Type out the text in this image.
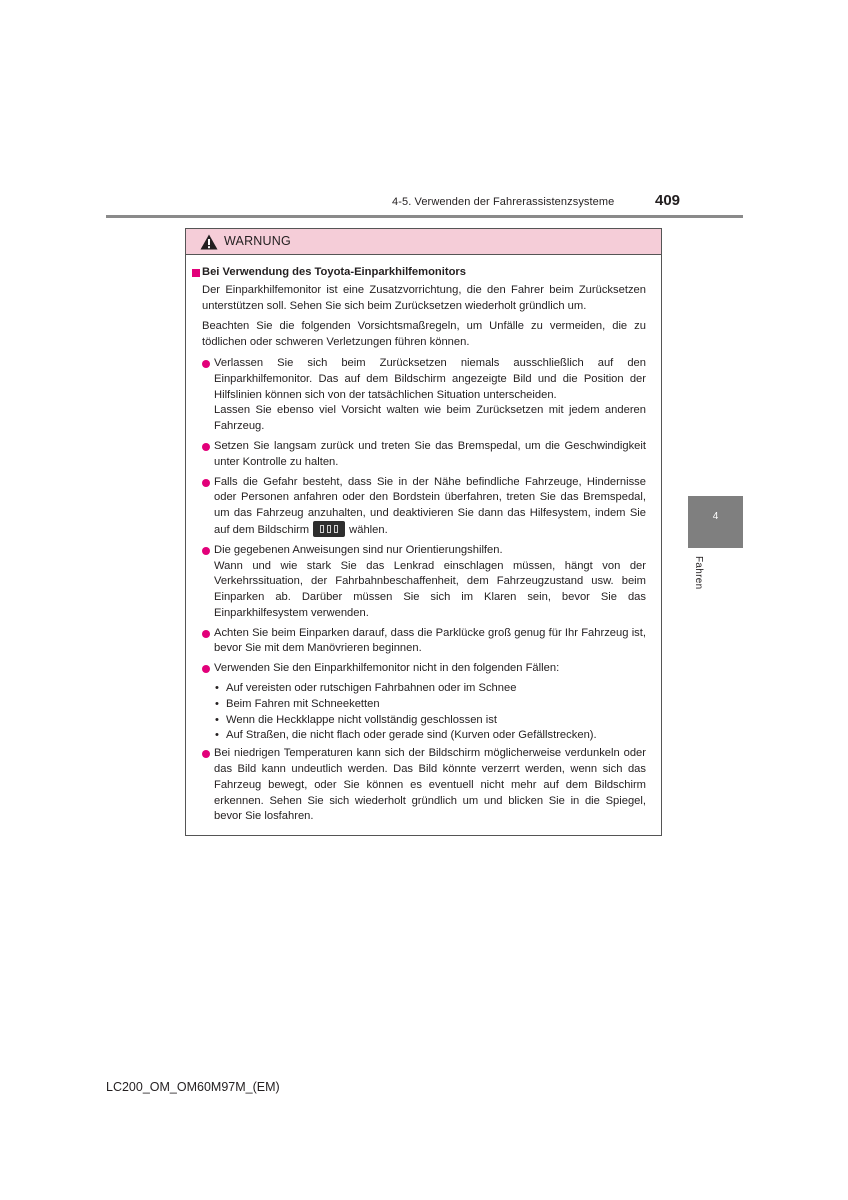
4-5. Verwenden der Fahrerassistenzsysteme	409
4
Fahren
WARNUNG
Bei Verwendung des Toyota-Einparkhilfemonitors

Der Einparkhilfemonitor ist eine Zusatzvorrichtung, die den Fahrer beim Zurücksetzen unterstützen soll. Sehen Sie sich beim Zurücksetzen wiederholt gründlich um.

Beachten Sie die folgenden Vorsichtsmaßregeln, um Unfälle zu vermeiden, die zu tödlichen oder schweren Verletzungen führen können.

Verlassen Sie sich beim Zurücksetzen niemals ausschließlich auf den Einparkhilfemonitor. Das auf dem Bildschirm angezeigte Bild und die Position der Hilfslinien können sich von der tatsächlichen Situation unterscheiden.
Lassen Sie ebenso viel Vorsicht walten wie beim Zurücksetzen mit jedem anderen Fahrzeug.
Setzen Sie langsam zurück und treten Sie das Bremspedal, um die Geschwindigkeit unter Kontrolle zu halten.
Falls die Gefahr besteht, dass Sie in der Nähe befindliche Fahrzeuge, Hindernisse oder Personen anfahren oder den Bordstein überfahren, treten Sie das Bremspedal, um das Fahrzeug anzuhalten, und deaktivieren Sie dann das Hilfesystem, indem Sie auf dem Bildschirm	wählen.
Die gegebenen Anweisungen sind nur Orientierungshilfen.
Wann und wie stark Sie das Lenkrad einschlagen müssen, hängt von der Verkehrssituation, der Fahrbahnbeschaffenheit, dem Fahrzeugzustand usw. beim Einparken ab. Darüber müssen Sie sich im Klaren sein, bevor Sie das Einparkhilfesystem verwenden.
Achten Sie beim Einparken darauf, dass die Parklücke groß genug für Ihr Fahrzeug ist, bevor Sie mit dem Manövrieren beginnen.
Verwenden Sie den Einparkhilfemonitor nicht in den folgenden Fällen:
• Auf vereisten oder rutschigen Fahrbahnen oder im Schnee
• Beim Fahren mit Schneeketten
• Wenn die Heckklappe nicht vollständig geschlossen ist
• Auf Straßen, die nicht flach oder gerade sind (Kurven oder Gefällstrecken).
Bei niedrigen Temperaturen kann sich der Bildschirm möglicherweise verdunkeln oder das Bild kann undeutlich werden. Das Bild könnte verzerrt werden, wenn sich das Fahrzeug bewegt, oder Sie können es eventuell nicht mehr auf dem Bildschirm erkennen. Sehen Sie sich wiederholt gründlich um und blicken Sie in die Spiegel, bevor Sie losfahren.
LC200_OM_OM60M97M_(EM)
